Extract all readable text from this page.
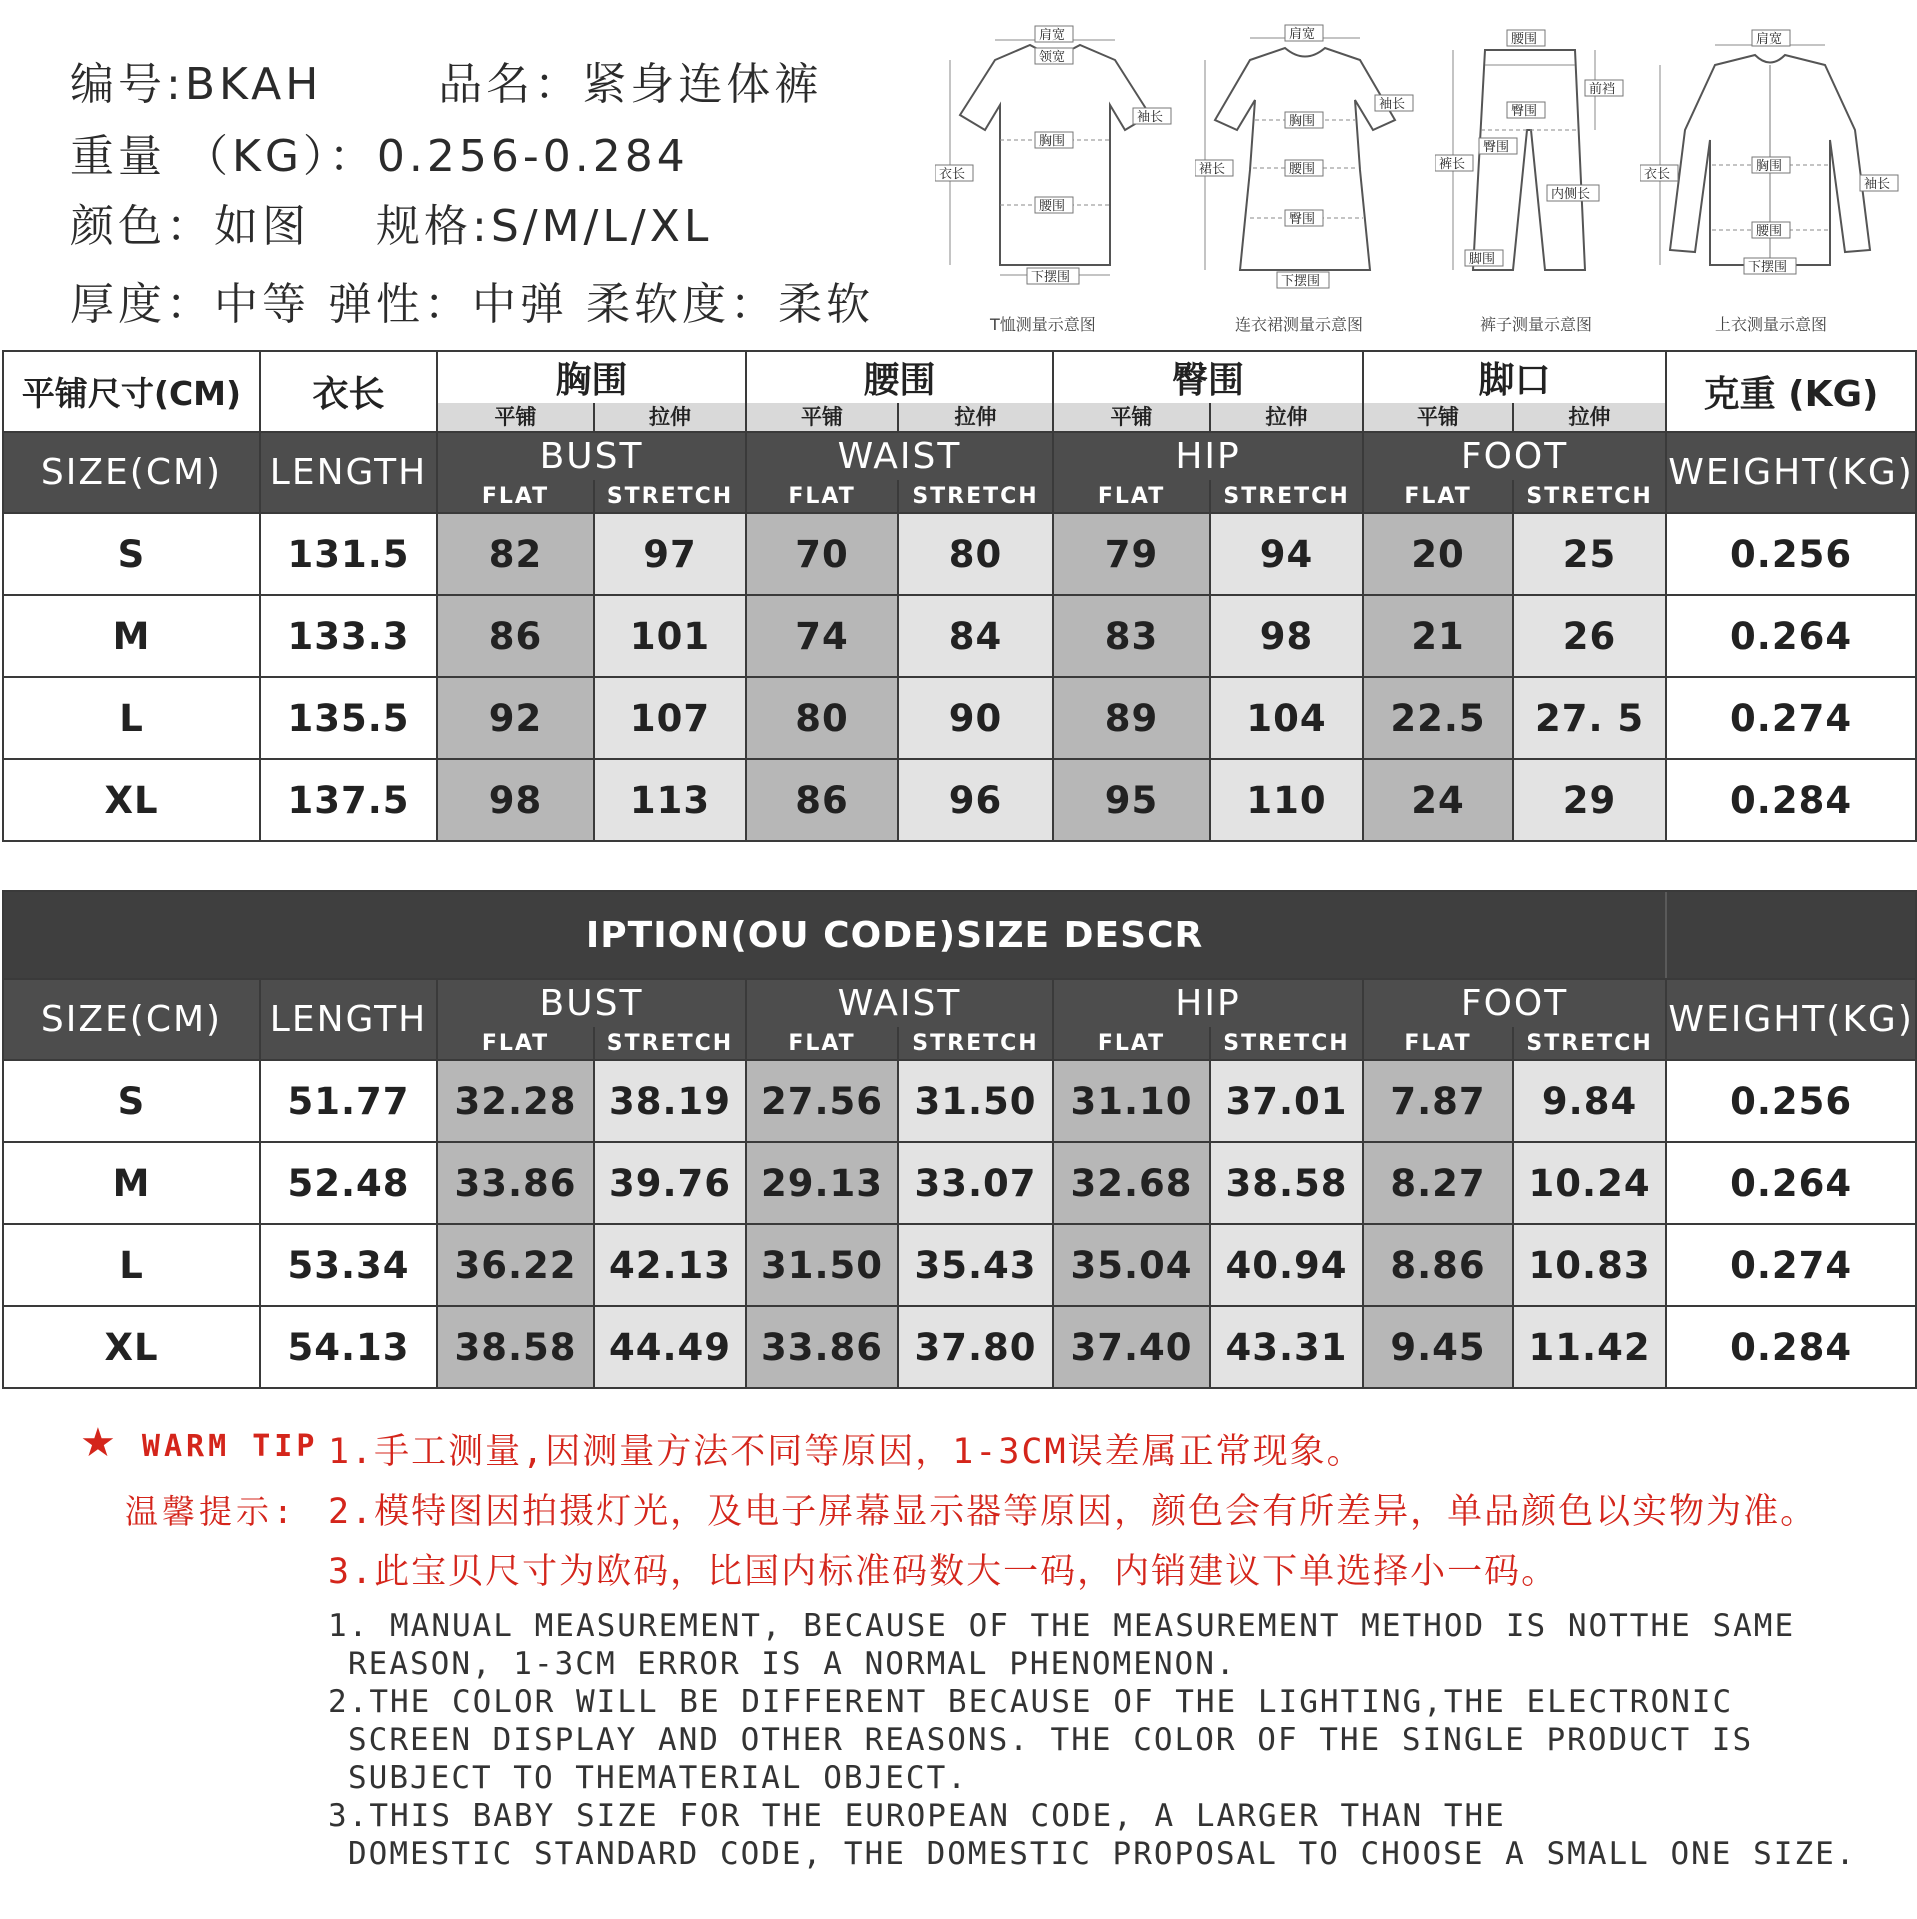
编号:BKAH	品名：紧身连体裤
重量 （KG）：0.256-0.284
颜色：如图 规格:S/M/L/XL
厚度：中等 弹性：中弹 柔软度：柔软
肩宽
领宽
袖长
衣长
胸围
腰围
下摆围
T恤测量示意图
肩宽
袖长
裙长
胸围
腰围
臀围
下摆围
连衣裙测量示意图
腰围
臀围
前裆
裤长
内侧长
臀围
脚围
裤子测量示意图
肩宽
衣长
胸围
袖长
腰围
下摆围
上衣测量示意图
平铺尺寸(CM)	衣长	胸围		腰围		臀围		脚口		克重 (KG)
		平铺	拉伸	平铺	拉伸	平铺	拉伸	平铺	拉伸	
SIZE(CM)	LENGTH	BUST		WAIST		HIP		FOOT		WEIGHT(KG)
		FLAT	STRETCH	FLAT	STRETCH	FLAT	STRETCH	FLAT	STRETCH	
S	131.5	82	97	70	80	79	94	20	25	0.256
M	133.3	86	101	74	84	83	98	21	26	0.264
L	135.5	92	107	80	90	89	104	22.5	27. 5	0.274
XL	137.5	98	113	86	96	95	110	24	29	0.284
IPTION(OU CODE)SIZE DESCR										
SIZE(CM)	LENGTH	BUST		WAIST		HIP		FOOT		WEIGHT(KG)
		FLAT	STRETCH	FLAT	STRETCH	FLAT	STRETCH	FLAT	STRETCH	
S	51.77	32.28	38.19	27.56	31.50	31.10	37.01	7.87	9.84	0.256
M	52.48	33.86	39.76	29.13	33.07	32.68	38.58	8.27	10.24	0.264
L	53.34	36.22	42.13	31.50	35.43	35.04	40.94	8.86	10.83	0.274
XL	54.13	38.58	44.49	33.86	37.80	37.40	43.31	9.45	11.42	0.284
★ WARM TIP
温馨提示:
1.手工测量,因测量方法不同等原因，1-3CM误差属正常现象。
2.模特图因拍摄灯光，及电子屏幕显示器等原因，颜色会有所差异，单品颜色以实物为准。
3.此宝贝尺寸为欧码，比国内标准码数大一码，内销建议下单选择小一码。
1. MANUAL MEASUREMENT, BECAUSE OF THE MEASUREMENT METHOD IS NOTTHE SAME
REASON, 1-3CM ERROR IS A NORMAL PHENOMENON.
2.THE COLOR WILL BE DIFFERENT BECAUSE OF THE LIGHTING,THE ELECTRONIC
SCREEN DISPLAY AND OTHER REASONS. THE COLOR OF THE SINGLE PRODUCT IS
SUBJECT TO THEMATERIAL OBJECT.
3.THIS BABY SIZE FOR THE EUROPEAN CODE, A LARGER THAN THE
DOMESTIC STANDARD CODE, THE DOMESTIC PROPOSAL TO CHOOSE A SMALL ONE SIZE.
